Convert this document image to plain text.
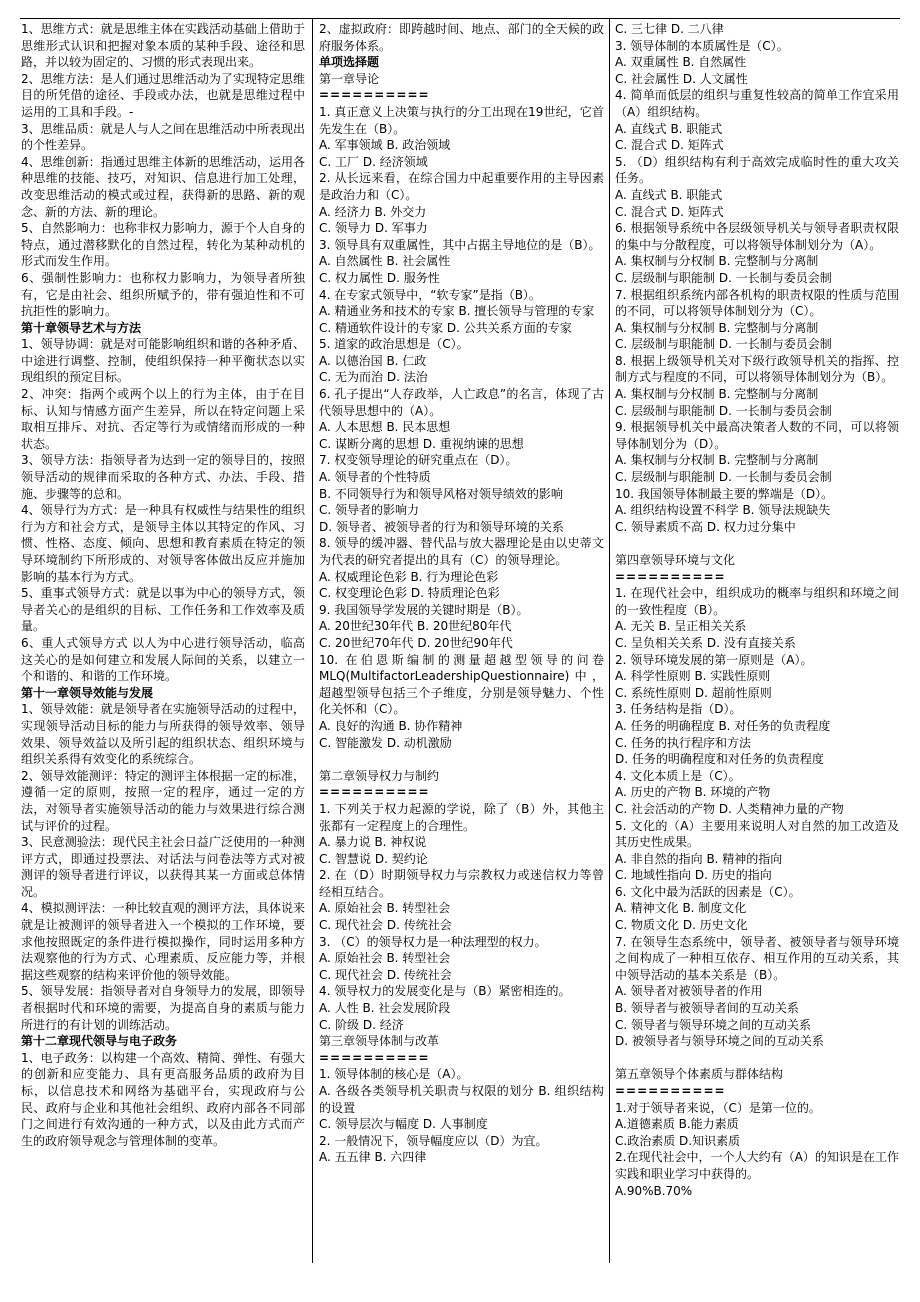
1、思维方式：就是思维主体在实践活动基础上借助于思维形式认识和把握对象本质的某种手段、途径和思路，并以较为固定的、习惯的形式表现出来。

2、思维方法：是人们通过思维活动为了实现特定思维目的所凭借的途径、手段或办法，也就是思维过程中运用的工具和手段。-

3、思维品质：就是人与人之间在思维活动中所表现出的个性差异。

4、思维创新：指通过思维主体新的思维活动，运用各种思维的技能、技巧，对知识、信息进行加工处理，改变思维活动的模式或过程，获得新的思路、新的观念、新的方法、新的理论。

5、自然影响力：也称非权力影响力，源于个人自身的特点，通过潜移默化的自然过程，转化为某种动机的形式而发生作用。

6、强制性影响力：也称权力影响力，为领导者所独有，它是由社会、组织所赋予的，带有强迫性和不可抗拒性的影响力。

第十章领导艺术与方法

1、领导协调：就是对可能影响组织和谐的各种矛盾、中途进行调整、控制，使组织保持一种平衡状态以实现组织的预定目标。

2、冲突：指两个或两个以上的行为主体，由于在目标、认知与情感方面产生差异，所以在特定问题上采取相互排斥、对抗、否定等行为或情绪而形成的一种状态。

3、领导方法：指领导者为达到一定的领导目的，按照领导活动的规律而采取的各种方式、办法、手段、措施、步骤等的总和。

4、领导行为方式：是一种具有权威性与结果性的组织行为方和社会方式，是领导主体以其特定的作风、习惯、性格、态度、倾向、思想和教育素质在特定的领导环境制约下所形成的、对领导客体做出反应并施加影响的基本行为方式。

5、重事式领导方式：就是以事为中心的领导方式，领导者关心的是组织的目标、工作任务和工作效率及质量。

6、重人式领导方式 以人为中心进行领导活动，临高这关心的是如何建立和发展人际间的关系，以建立一个和谐的、和谐的工作环境。

第十一章领导效能与发展

1、领导效能：就是领导者在实施领导活动的过程中，实现领导活动目标的能力与所获得的领导效率、领导效果、领导效益以及所引起的组织状态、组织环境与组织关系得有效变化的系统综合。

2、领导效能测评：特定的测评主体根据一定的标准，遵循一定的原则，按照一定的程序，通过一定的方法，对领导者实施领导活动的能力与效果进行综合测试与评价的过程。

3、民意测验法：现代民主社会日益广泛使用的一种测评方式，即通过投票法、对话法与问卷法等方式对被测评的领导者进行评议，以获得其某一方面或总体情况。

4、模拟测评法：一种比较直观的测评方法，具体说来就是让被测评的领导者进入一个模拟的工作环境，要求他按照既定的条件进行模拟操作，同时运用多种方法观察他的行为方式、心理素质、反应能力等，并根据这些观察的结构来评价他的领导效能。

5、领导发展：指领导者对自身领导力的发展，即领导者根据时代和环境的需要，为提高自身的素质与能力所进行的有计划的训练活动。

第十二章现代领导与电子政务

1、电子政务：以构建一个高效、精简、弹性、有强大的创新和应变能力、具有更高服务品质的政府为目标，以信息技术和网络为基础平台，实现政府与公民、政府与企业和其他社会组织、政府内部各不同部门之间进行有效沟通的一种方式，以及由此方式而产生的政府领导观念与管理体制的变革。

2、虚拟政府：即跨越时间、地点、部门的全天候的政府服务体系。

单项选择题

第一章导论

==========

1. 真正意义上决策与执行的分工出现在19世纪，它首先发生在（B）。

A. 军事领域 B. 政治领域

C. 工厂 D. 经济领域

2. 从长远来看，在综合国力中起重要作用的主导因素是政治力和（C）。

A. 经济力 B. 外交力

C. 领导力 D. 军事力

3. 领导具有双重属性，其中占据主导地位的是（B）。

A. 自然属性 B. 社会属性

C. 权力属性 D. 服务性

4. 在专家式领导中，“软专家”是指（B）。

A. 精通业务和技术的专家 B. 擅长领导与管理的专家

C. 精通软件设计的专家 D. 公共关系方面的专家

5. 道家的政治思想是（C）。

A. 以德治国 B. 仁政

C. 无为而治 D. 法治

6. 孔子提出“人存政举，人亡政息”的名言，体现了古代领导思想中的（A）。

A. 人本思想 B. 民本思想

C. 谋断分离的思想 D. 重视纳谏的思想

7. 权变领导理论的研究重点在（D）。

A. 领导者的个性特质

B. 不同领导行为和领导风格对领导绩效的影响

C. 领导者的影响力

D. 领导者、被领导者的行为和领导环境的关系

8. 领导的缓冲器、替代品与放大器理论是由以史蒂文为代表的研究者提出的具有（C）的领导理论。

A. 权威理论色彩 B. 行为理论色彩

C. 权变理论色彩 D. 特质理论色彩

9. 我国领导学发展的关键时期是（B）。

A. 20世纪30年代 B. 20世纪80年代

C. 20世纪70年代 D. 20世纪90年代

10. 在伯恩斯编制的测量超越型领导的问卷MLQ(MultifactorLeadershipQuestionnaire)中，超越型领导包括三个子维度，分别是领导魅力、个性化关怀和（C）。

A. 良好的沟通 B. 协作精神

C. 智能激发 D. 动机激励

第二章领导权力与制约

==========

1. 下列关于权力起源的学说，除了（B）外，其他主张都有一定程度上的合理性。

A. 暴力说 B. 神权说

C. 智慧说 D. 契约论

2. 在（D）时期领导权力与宗教权力或迷信权力等曾经相互结合。

A. 原始社会 B. 转型社会

C. 现代社会 D. 传统社会

3. （C）的领导权力是一种法理型的权力。

A. 原始社会 B. 转型社会

C. 现代社会 D. 传统社会

4. 领导权力的发展变化是与（B）紧密相连的。

A. 人性 B. 社会发展阶段

C. 阶级 D. 经济

第三章领导体制与改革

==========

1. 领导体制的核心是（A）。

A. 各级各类领导机关职责与权限的划分 B. 组织结构的设置

C. 领导层次与幅度 D. 人事制度

2. 一般情况下，领导幅度应以（D）为宜。

A. 五五律 B. 六四律

C. 三七律 D. 二八律

3. 领导体制的本质属性是（C）。

A. 双重属性 B. 自然属性

C. 社会属性 D. 人文属性

4. 简单而低层的组织与重复性较高的简单工作宜采用（A）组织结构。

A. 直线式 B. 职能式

C. 混合式 D. 矩阵式

5. （D）组织结构有利于高效完成临时性的重大攻关任务。

A. 直线式 B. 职能式

C. 混合式 D. 矩阵式

6. 根据领导系统中各层级领导机关与领导者职责权限的集中与分散程度，可以将领导体制划分为（A）。

A. 集权制与分权制 B. 完整制与分离制

C. 层级制与职能制 D. 一长制与委员会制

7. 根据组织系统内部各机构的职责权限的性质与范围的不同，可以将领导体制划分为（C）。

A. 集权制与分权制 B. 完整制与分离制

C. 层级制与职能制 D. 一长制与委员会制

8. 根据上级领导机关对下级行政领导机关的指挥、控制方式与程度的不同，可以将领导体制划分为（B）。

A. 集权制与分权制 B. 完整制与分离制

C. 层级制与职能制 D. 一长制与委员会制

9. 根据领导机关中最高决策者人数的不同，可以将领导体制划分为（D）。

A. 集权制与分权制 B. 完整制与分离制

C. 层级制与职能制 D. 一长制与委员会制

10. 我国领导体制最主要的弊端是（D）。

A. 组织结构设置不科学 B. 领导法规缺失

C. 领导素质不高 D. 权力过分集中

第四章领导环境与文化

==========

1. 在现代社会中，组织成功的概率与组织和环境之间的一致性程度（B）。

A. 无关 B. 呈正相关关系

C. 呈负相关关系 D. 没有直接关系

2. 领导环境发展的第一原则是（A）。

A. 科学性原则 B. 实践性原则

C. 系统性原则 D. 超前性原则

3. 任务结构是指（D）。

A. 任务的明确程度 B. 对任务的负责程度

C. 任务的执行程序和方法

D. 任务的明确程度和对任务的负责程度

4. 文化本质上是（C）。

A. 历史的产物 B. 环境的产物

C. 社会活动的产物 D. 人类精神力量的产物

5. 文化的（A）主要用来说明人对自然的加工改造及其历史性成果。

A. 非自然的指向 B. 精神的指向

C. 地域性指向 D. 历史的指向

6. 文化中最为活跃的因素是（C）。

A. 精神文化 B. 制度文化

C. 物质文化 D. 历史文化

7. 在领导生态系统中，领导者、被领导者与领导环境之间构成了一种相互依存、相互作用的互动关系，其中领导活动的基本关系是（B）。

A. 领导者对被领导者的作用

B. 领导者与被领导者间的互动关系

C. 领导者与领导环境之间的互动关系

D. 被领导者与领导环境之间的互动关系

第五章领导个体素质与群体结构

==========

1.对于领导者来说，（C）是第一位的。

A.道德素质 B.能力素质

C.政治素质 D.知识素质

2.在现代社会中，一个人大约有（A）的知识是在工作实践和职业学习中获得的。

A.90%B.70%
